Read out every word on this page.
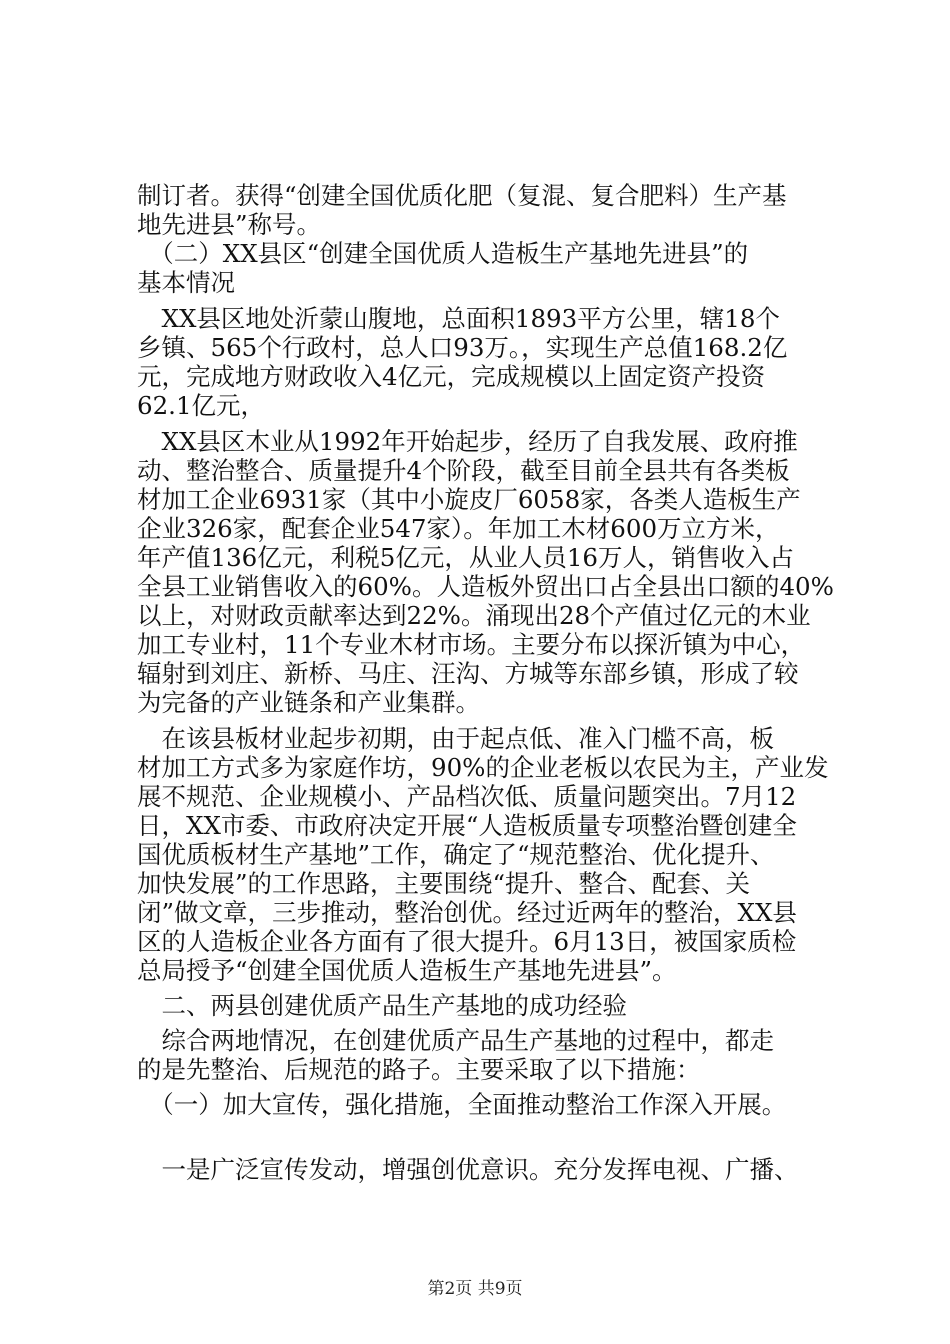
制订者。获得“创建全国优质化肥（复混、复合肥料）生产基
地先进县”称号。
　（二）XX县区“创建全国优质人造板生产基地先进县”的
基本情况
　XX县区地处沂蒙山腹地，总面积1893平方公里，辖18个
乡镇、565个行政村，总人口93万。，实现生产总值168.2亿
元，完成地方财政收入4亿元，完成规模以上固定资产投资
62.1亿元，
　XX县区木业从1992年开始起步，经历了自我发展、政府推
动、整治整合、质量提升4个阶段，截至目前全县共有各类板
材加工企业6931家（其中小旋皮厂6058家，各类人造板生产
企业326家，配套企业547家）。年加工木材600万立方米，
年产值136亿元，利税5亿元，从业人员16万人，销售收入占
全县工业销售收入的60%。人造板外贸出口占全县出口额的40%
以上，对财政贡献率达到22%。涌现出28个产值过亿元的木业
加工专业村，11个专业木材市场。主要分布以探沂镇为中心，
辐射到刘庄、新桥、马庄、汪沟、方城等东部乡镇，形成了较
为完备的产业链条和产业集群。
　在该县板材业起步初期，由于起点低、准入门槛不高，板
材加工方式多为家庭作坊，90%的企业老板以农民为主，产业发
展不规范、企业规模小、产品档次低、质量问题突出。7月12
日，XX市委、市政府决定开展“人造板质量专项整治暨创建全
国优质板材生产基地”工作，确定了“规范整治、优化提升、
加快发展”的工作思路，主要围绕“提升、整合、配套、关
闭”做文章，三步推动，整治创优。经过近两年的整治，XX县
区的人造板企业各方面有了很大提升。6月13日，被国家质检
总局授予“创建全国优质人造板生产基地先进县”。
　二、两县创建优质产品生产基地的成功经验
　综合两地情况，在创建优质产品生产基地的过程中，都走
的是先整治、后规范的路子。主要采取了以下措施：
　（一）加大宣传，强化措施，全面推动整治工作深入开展。
　一是广泛宣传发动，增强创优意识。充分发挥电视、广播、
第2页 共9页
